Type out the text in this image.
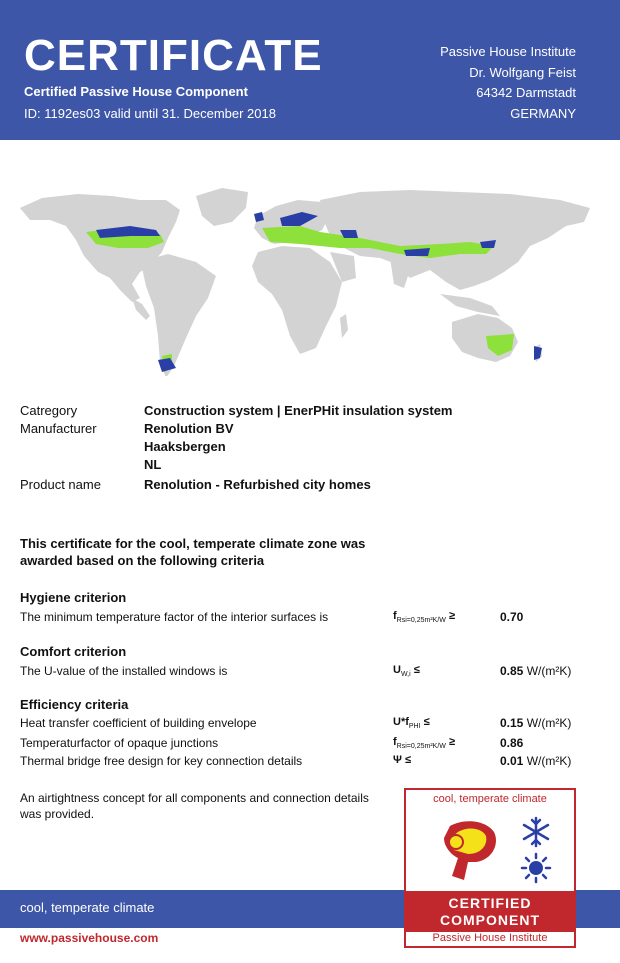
CERTIFICATE
Certified Passive House Component
ID: 1192es03 valid until 31. December 2018
Passive House Institute
Dr. Wolfgang Feist
64342 Darmstadt
GERMANY
Catregory	Construction system | EnerPHit insulation system
Manufacturer	Renolution BV
Haaksbergen
NL
Product name	Renolution - Refurbished city homes
This certificate for the cool, temperate climate zone was
awarded based on the following criteria
Hygiene criterion
The minimum temperature factor of the interior surfaces is	$f_{Rsi=0,25m^2K/W}$ ≥	0.70
Comfort criterion
The U-value of the installed windows is	$U_{W,i}$ ≤	0.85 W/(m²K)
Efficiency criteria
Heat transfer coefficient of building envelope	$U*f_{PHI}$ ≤	0.15 W/(m²K)
Temperaturfactor of opaque junctions	$f_{Rsi=0,25m^2K/W}$ ≥	0.86
Thermal bridge free design for key connection details	Ψ ≤	0.01 W/(m²K)
An airtightness concept for all components and connection details was provided.
cool, temperate climate
www.passivehouse.com
cool, temperate climate
CERTIFIED
COMPONENT
Passive House Institute
